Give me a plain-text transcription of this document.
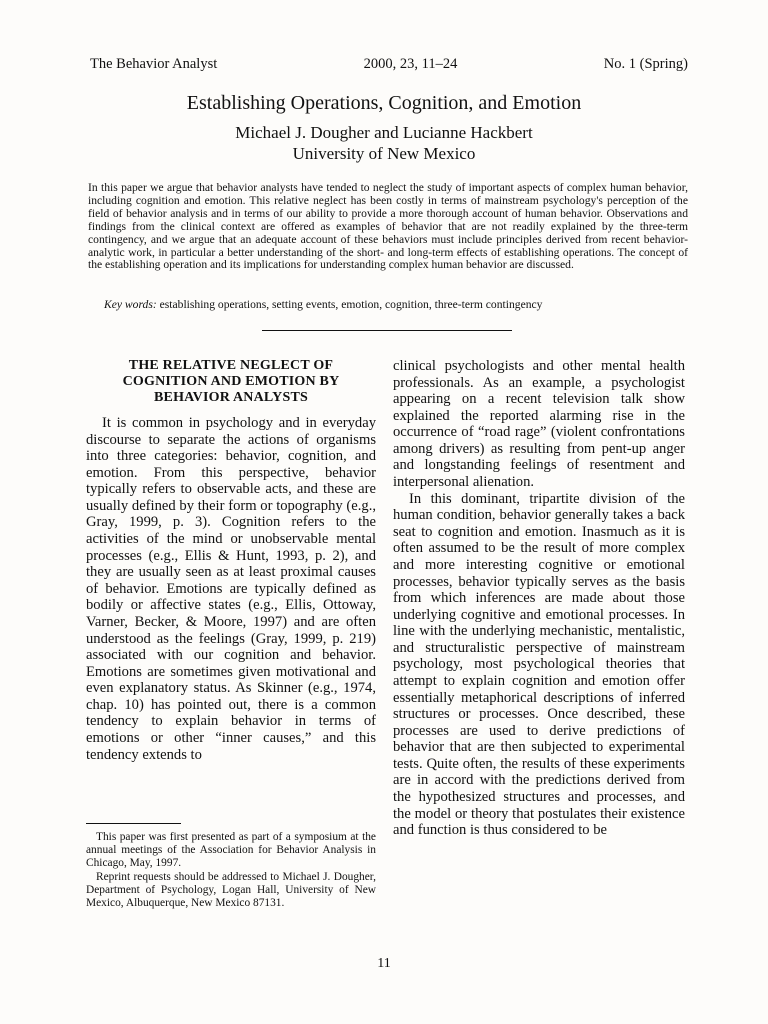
The Behavior Analyst	2000, 23, 11–24	No. 1 (Spring)
Establishing Operations, Cognition, and Emotion
Michael J. Dougher and Lucianne Hackbert
University of New Mexico
In this paper we argue that behavior analysts have tended to neglect the study of important aspects of complex human behavior, including cognition and emotion. This relative neglect has been costly in terms of mainstream psychology's perception of the field of behavior analysis and in terms of our ability to provide a more thorough account of human behavior. Observations and findings from the clinical context are offered as examples of behavior that are not readily explained by the three-term contingency, and we argue that an adequate account of these behaviors must include principles derived from recent behavior-analytic work, in particular a better understanding of the short- and long-term effects of establishing operations. The concept of the establishing operation and its implications for understanding complex human behavior are discussed.
Key words: establishing operations, setting events, emotion, cognition, three-term contingency
THE RELATIVE NEGLECT OF COGNITION AND EMOTION BY BEHAVIOR ANALYSTS

It is common in psychology and in everyday discourse to separate the actions of organisms into three categories: behavior, cognition, and emotion. From this perspective, behavior typically refers to observable acts, and these are usually defined by their form or topography (e.g., Gray, 1999, p. 3). Cognition refers to the activities of the mind or unobservable mental processes (e.g., Ellis & Hunt, 1993, p. 2), and they are usually seen as at least proximal causes of behavior. Emotions are typically defined as bodily or affective states (e.g., Ellis, Ottoway, Varner, Becker, & Moore, 1997) and are often understood as the feelings (Gray, 1999, p. 219) associated with our cognition and behavior. Emotions are sometimes given motivational and even explanatory status. As Skinner (e.g., 1974, chap. 10) has pointed out, there is a common tendency to explain behavior in terms of emotions or other “inner causes,” and this tendency extends to

This paper was first presented as part of a symposium at the annual meetings of the Association for Behavior Analysis in Chicago, May, 1997.

Reprint requests should be addressed to Michael J. Dougher, Department of Psychology, Logan Hall, University of New Mexico, Albuquerque, New Mexico 87131.

clinical psychologists and other mental health professionals. As an example, a psychologist appearing on a recent television talk show explained the reported alarming rise in the occurrence of “road rage” (violent confrontations among drivers) as resulting from pent-up anger and longstanding feelings of resentment and interpersonal alienation.

In this dominant, tripartite division of the human condition, behavior generally takes a back seat to cognition and emotion. Inasmuch as it is often assumed to be the result of more complex and more interesting cognitive or emotional processes, behavior typically serves as the basis from which inferences are made about those underlying cognitive and emotional processes. In line with the underlying mechanistic, mentalistic, and structuralistic perspective of mainstream psychology, most psychological theories that attempt to explain cognition and emotion offer essentially metaphorical descriptions of inferred structures or processes. Once described, these processes are used to derive predictions of behavior that are then subjected to experimental tests. Quite often, the results of these experiments are in accord with the predictions derived from the hypothesized structures and processes, and the model or theory that postulates their existence and function is thus considered to be

11
